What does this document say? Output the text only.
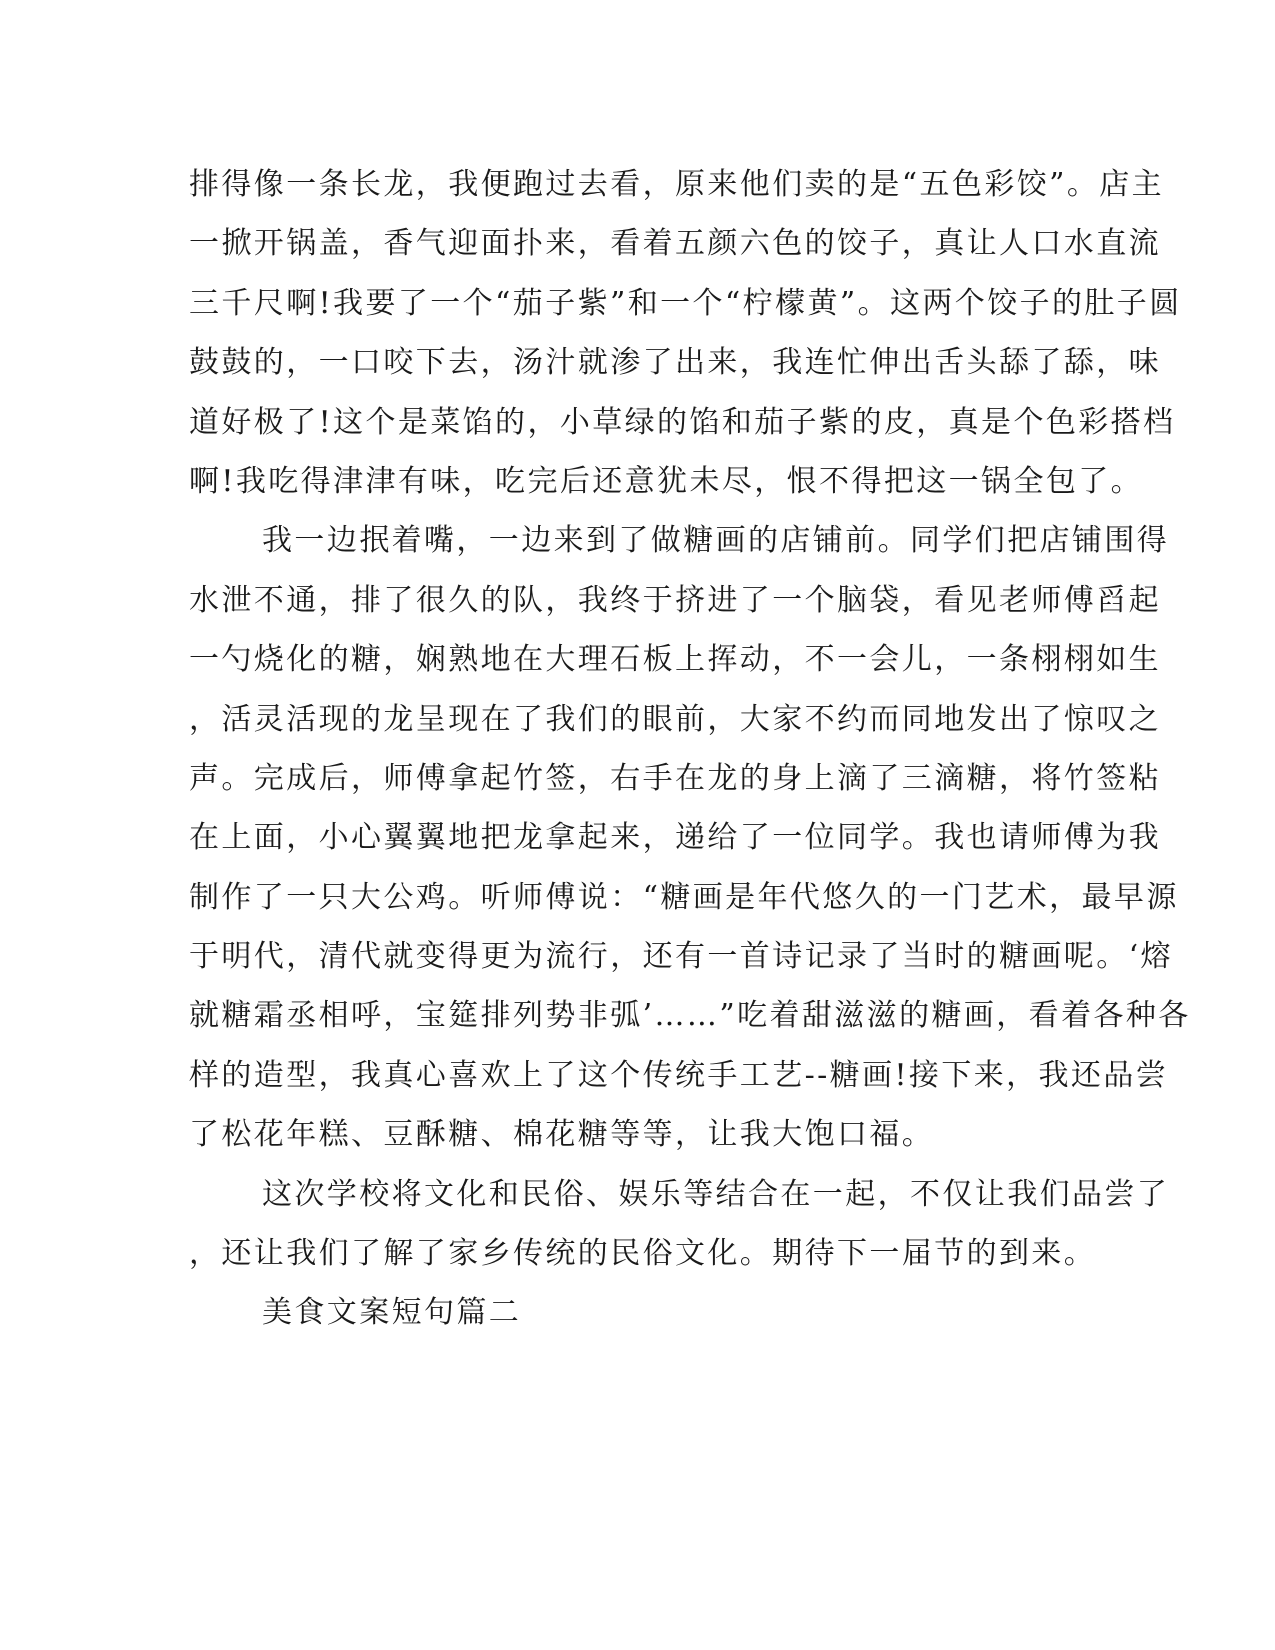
排得像一条长龙，我便跑过去看，原来他们卖的是“五色彩饺”。店主
一掀开锅盖，香气迎面扑来，看着五颜六色的饺子，真让人口水直流
三千尺啊!我要了一个“茄子紫”和一个“柠檬黄”。这两个饺子的肚子圆
鼓鼓的，一口咬下去，汤汁就渗了出来，我连忙伸出舌头舔了舔，味
道好极了!这个是菜馅的，小草绿的馅和茄子紫的皮，真是个色彩搭档
啊!我吃得津津有味，吃完后还意犹未尽，恨不得把这一锅全包了。
我一边抿着嘴，一边来到了做糖画的店铺前。同学们把店铺围得
水泄不通，排了很久的队，我终于挤进了一个脑袋，看见老师傅舀起
一勺烧化的糖，娴熟地在大理石板上挥动，不一会儿，一条栩栩如生
，活灵活现的龙呈现在了我们的眼前，大家不约而同地发出了惊叹之
声。完成后，师傅拿起竹签，右手在龙的身上滴了三滴糖，将竹签粘
在上面，小心翼翼地把龙拿起来，递给了一位同学。我也请师傅为我
制作了一只大公鸡。听师傅说：“糖画是年代悠久的一门艺术，最早源
于明代，清代就变得更为流行，还有一首诗记录了当时的糖画呢。‘熔
就糖霜丞相呼，宝筵排列势非弧’……”吃着甜滋滋的糖画，看着各种各
样的造型，我真心喜欢上了这个传统手工艺--糖画!接下来，我还品尝
了松花年糕、豆酥糖、棉花糖等等，让我大饱口福。
这次学校将文化和民俗、娱乐等结合在一起，不仅让我们品尝了
，还让我们了解了家乡传统的民俗文化。期待下一届节的到来。
美食文案短句篇二
